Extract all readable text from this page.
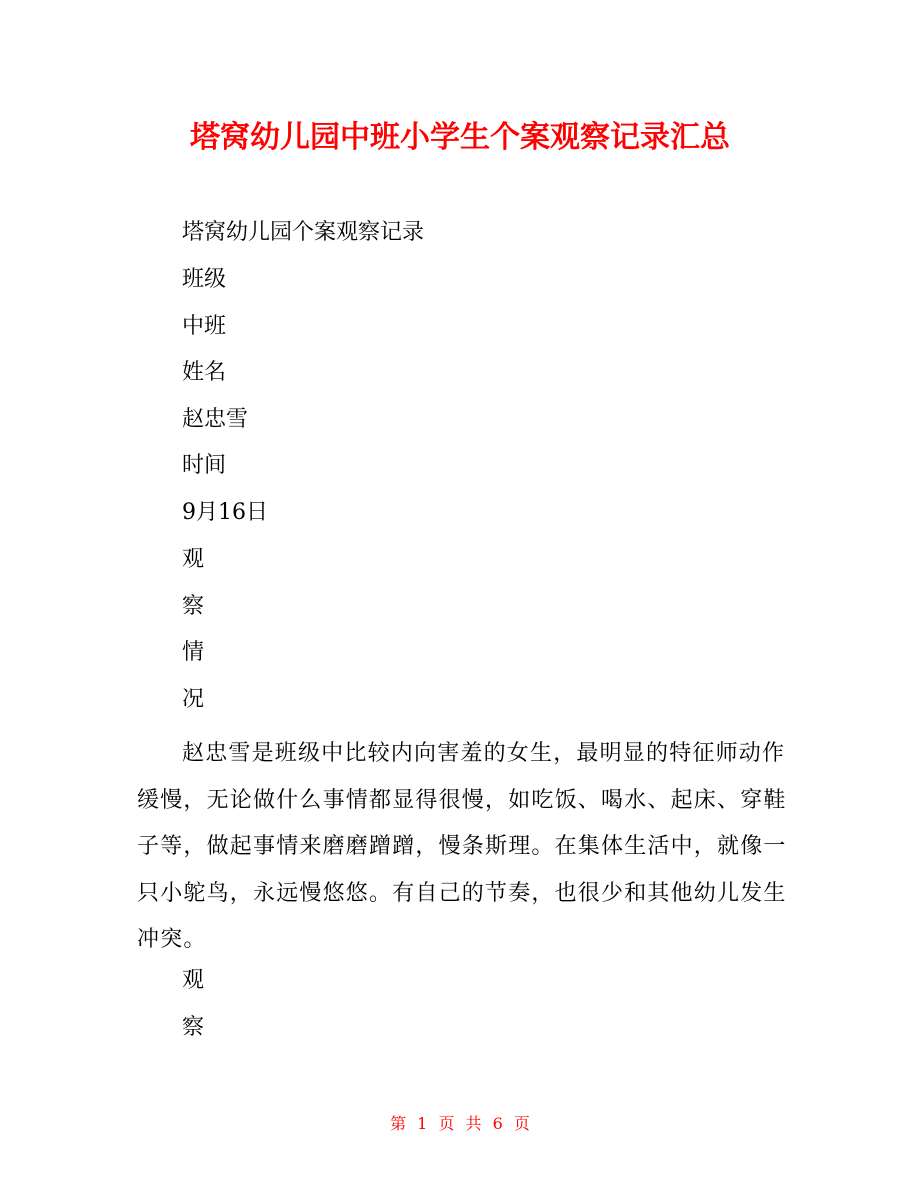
塔窝幼儿园中班小学生个案观察记录汇总
塔窝幼儿园个案观察记录
班级
中班
姓名
赵忠雪
时间
9月16日
观
察
情
况
赵忠雪是班级中比较内向害羞的女生，最明显的特征师动作缓慢，无论做什么事情都显得很慢，如吃饭、喝水、起床、穿鞋子等，做起事情来磨磨蹭蹭，慢条斯理。在集体生活中，就像一只小鸵鸟，永远慢悠悠。有自己的节奏，也很少和其他幼儿发生冲突。
观
察
第 1 页 共 6 页
